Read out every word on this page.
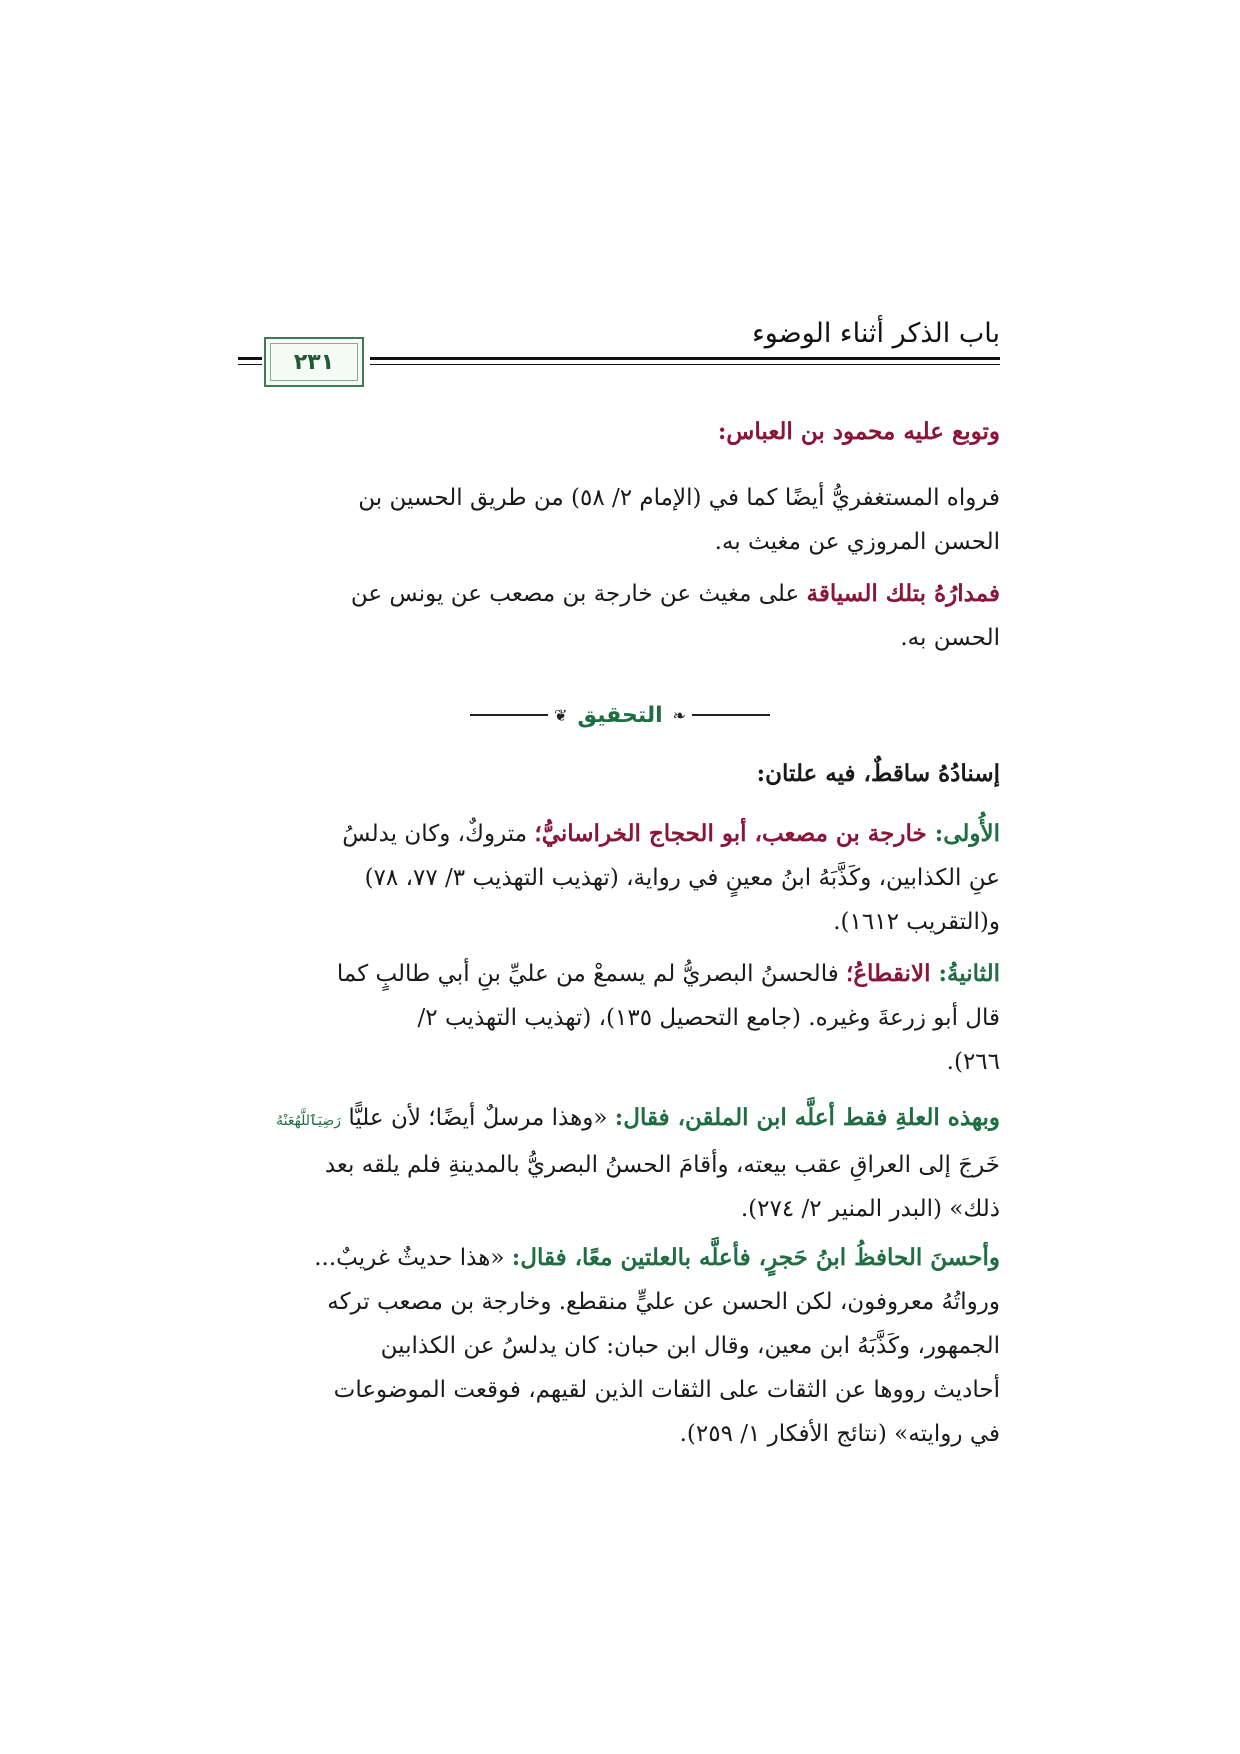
باب الذكر أثناء الوضوء
٢٣١
وتوبع عليه محمود بن العباس:
فرواه المستغفريُّ أيضًا كما في (الإمام ٢/ ٥٨) من طريق الحسين بن
الحسن المروزي عن مغيث به.
فمدارُهُ بتلك السياقة على مغيث عن خارجة بن مصعب عن يونس عن
الحسن به.
❦ التحقيق ❧
إسنادُهُ ساقطٌ، فيه علتان:
الأُولى: خارجة بن مصعب، أبو الحجاج الخراسانيُّ؛ متروكٌ، وكان يدلسُ
عنِ الكذابين، وكَذَّبَهُ ابنُ معينٍ في رواية، (تهذيب التهذيب ٣/ ٧٧، ٧٨)
و(التقريب ١٦١٢).
الثانيةُ: الانقطاعُ؛ فالحسنُ البصريُّ لم يسمعْ من عليِّ بنِ أبي طالبٍ كما
قال أبو زرعةَ وغيره. (جامع التحصيل ١٣٥)، (تهذيب التهذيب ٢/
٢٦٦).
وبهذه العلةِ فقط أعلَّه ابن الملقن، فقال: «وهذا مرسلٌ أيضًا؛ لأن عليًّا رَضِيَٱللَّهُعَنْهُ
خَرجَ إلى العراقِ عقب بيعته، وأقامَ الحسنُ البصريُّ بالمدينةِ فلم يلقه بعد
ذلك» (البدر المنير ٢/ ٢٧٤).
وأحسنَ الحافظُ ابنُ حَجرٍ، فأعلَّه بالعلتين معًا، فقال: «هذا حديثٌ غريبٌ...
ورواتُهُ معروفون، لكن الحسن عن عليٍّ منقطع. وخارجة بن مصعب تركه
الجمهور، وكَذَّبَهُ ابن معين، وقال ابن حبان: كان يدلسُ عن الكذابين
أحاديث رووها عن الثقات على الثقات الذين لقيهم، فوقعت الموضوعات
في روايته» (نتائج الأفكار ١/ ٢٥٩).
